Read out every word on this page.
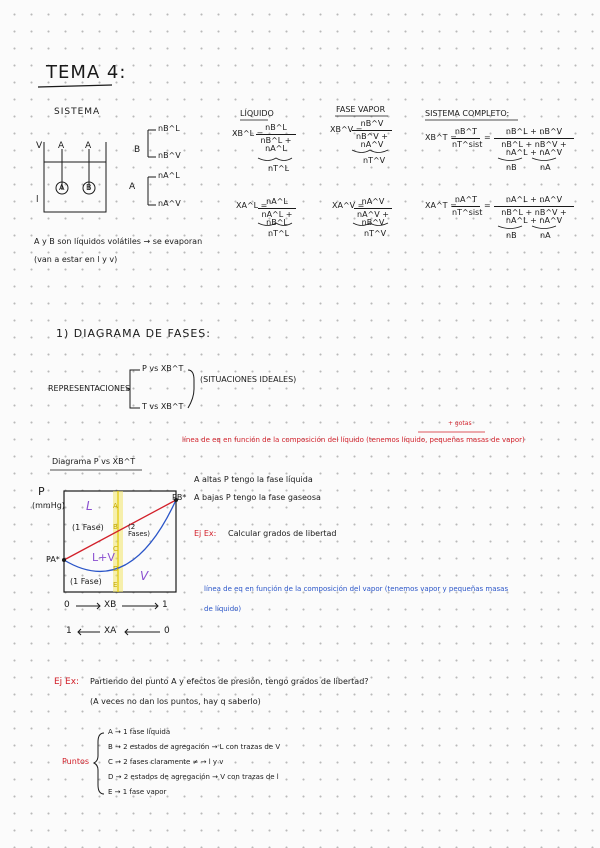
TEMA 4:
SISTEMA
V A A
l
A	B
B
nB^L
nB^V
A
nA^L
nA^V
A y B son líquidos volátiles → se evaporan
(van a estar en l y v)
LÍQUIDO	FASE VAPOR	SISTEMA COMPLETO:
XB^L =
$\frac{nB\^{}L}{nB\^{}L + nA\^{}L}$
nT^L
XB^V =
$\frac{nB\^{}V}{nB\^{}V + nA\^{}V}$
nT^V
XB^T =
nB^T
nT^sist
= $\frac{nB\^{}L + nB\^{}V}{nB\^{}L + nB\^{}V + nA\^{}L + nA\^{}V}$
nB	nA
XA^L =
$\frac{nA\^{}L}{nA\^{}L + nB\^{}L}$
nT^L
XA^V =
$\frac{nA\^{}V}{nA\^{}V + nB\^{}V}$
nT^V
XA^T =
nA^T
nT^sist
= $\frac{nA\^{}L + nA\^{}V}{nB\^{}L + nB\^{}V + nA\^{}L + nA\^{}V}$
nB	nA
1) DIAGRAMA DE FASES:
REPRESENTACIONES
P vs XB^T
T vs XB^T
(SITUACIONES IDEALES)
+ gotas
línea de eq en función de la composición del líquido (tenemos líquido, pequeñas masas de vapor)
Diagrama P vs XB^T
P
(mmHg)
PB*
PA*
L
(1 Fase)
L+V
(2 Fases)
(1 Fase)	V
A
B
C
D
E
0	XB	1
1	XA	0
A altas P tengo la fase líquida
A bajas P tengo la fase gaseosa
Ej Ex: Calcular grados de libertad
línea de eq en función de la composición del vapor (tenemos vapor y pequeñas masas
de líquido)
Ej Ex: Partiendo del punto A y efectos de presión, tengo grados de libertad?
(A veces no dan los puntos, hay q saberlo)
Puntos
A → 1 fase líquida
B → 2 estados de agregación → L con trazas de V
C → 2 fases claramente ≠ → l y v
D → 2 estados de agregación → V con trazas de l
E → 1 fase vapor
